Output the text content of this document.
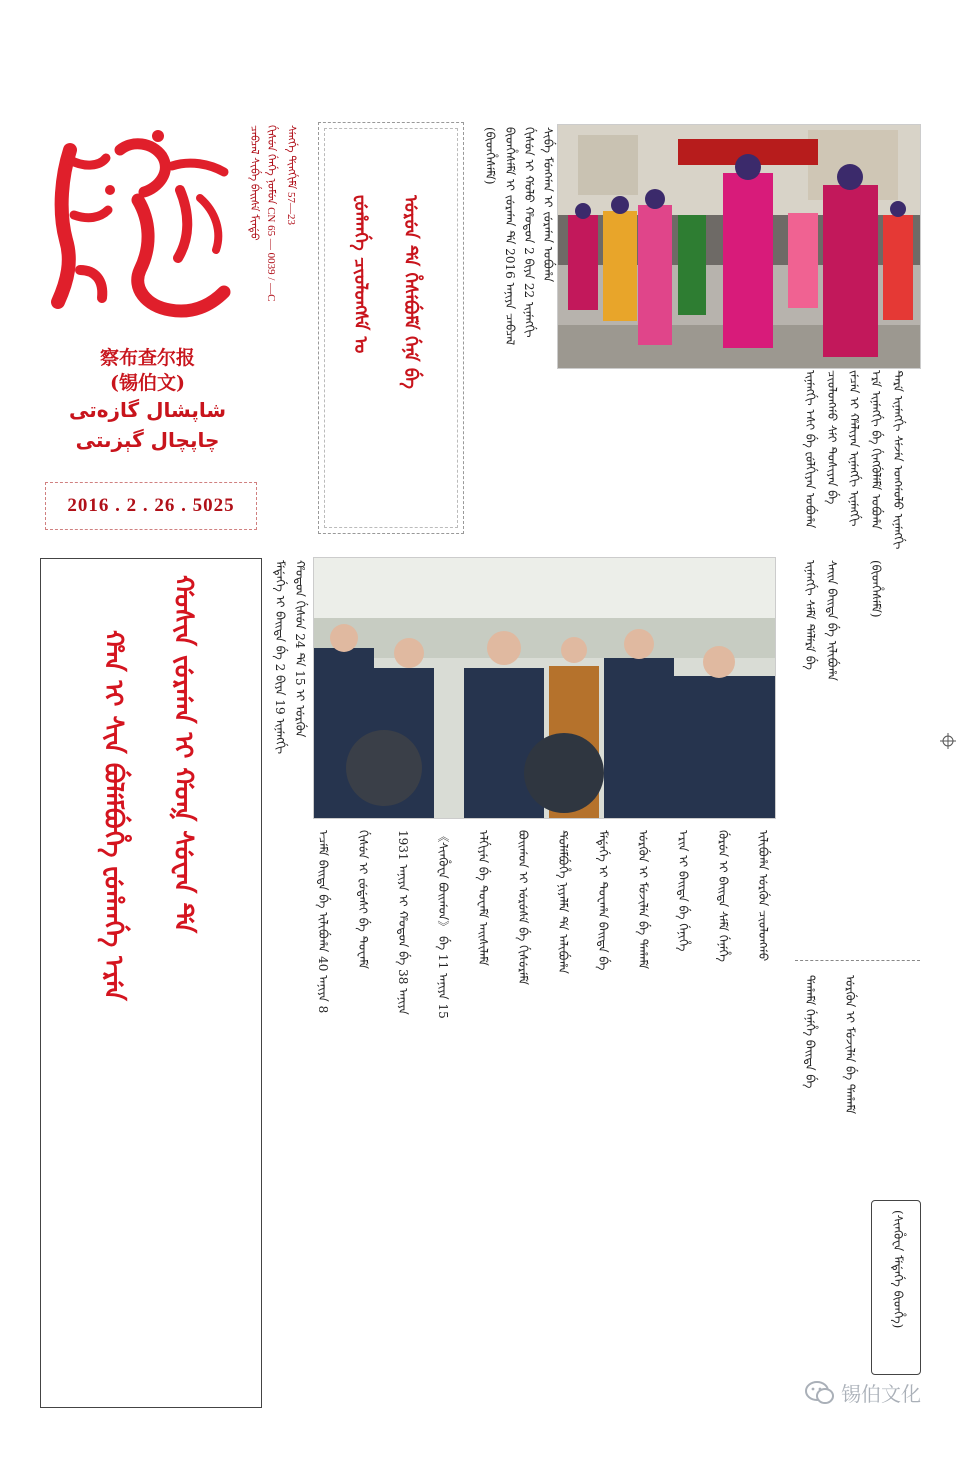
察布查尔报
(锡伯文)
شاپشال گازەتى
چاپچال گېزىتى
2016 . 2 . 26 . 5025
ᠴᠠᠪᠴᠠᠯ ᠰᡳᠪᡝ ᠪᡝᡳᠰᡝ ᠮᡳᠨᡩᡠ ᡤᡳᠰᡠᠨ ᡤᡝᠨᡤᡝ ᠨᠣᠮᡠᠨ CN 65 — 0039 / —C ᠰᡝᠩᡤᡝ ᡩᡳᠩᡤᡳᠮᡝ 57—23
ᡶᡠᡥᠠᠨᡤᡝ ᠴᡳᠣᠯᠣᠩᠰᡝ ᠣ ᡠᡵᡠᠨ ᡩᡝ ᡥᡝᠰᡝᠪᡠᠮᡝ ᡤᡝᠨᡝ ᠪᡝ
(ᠪᡳᡨᡥᡝᠰᡝᠮᡝ) ᠪᡳᡨᡥᡝᠰᡝᠮᡝ ᡳ ᠵᡠᡵᡤᠠᠨ ᡩᡝ 2016 ᠠᠨᡳᠶᠠ ᠴᠠᠪᠴᠠᠯ ᡤᡳᠰᡠᠨ ᡳ ᡤᠣᠯᠣ ᡥᠣᡨᠣᠨ 2 ᠪᡳᠶᠠ 22 ᡳᠨᡝᠩᡤᡳ ᠰᡳᠪᡝ ᠮᡠᠩᡤᠠᠨ ᡳ ᠵᡠᡵᡤᠠᠨ ᠣᠪᡠᡥᠠ
ᡳᠨᡝᠩᡤᡳ ᡝᠰᡳ ᠪᡝ ᡶᡠᠯᡤᡳᠶᠠᠨ ᠣᠪᡠᡥᠠ ᠴᡳᠣᠯᠣᠩᡤᠣ ᠰᡝᡳ ᡨᡠᠰᡳᠶᠠᠨ ᠪᡝ ᠵᡝᠴᡝᠨ ᡳ ᡥᠠᠯᡳᠶᠠᠨ ᡳᠨᡝᠩᡤᡳ ᡳᠨᡝᠩᡤᡳ ᡝᡵᡝ ᡳᠨᡝᠩᡤᡳ ᠪᡝ ᡤᡳᠩᡤᡠᠯᡝᠮᡝ ᠣᠪᡠᡥᠠ ᡨᡝᡵᡝ ᡳᠨᡝᠩᡤᡳ ᠰᡝᠵᡝᠨ ᠣᠩᡤᠣᠯᠣ ᡳᠨᡝᠩᡤᡳ
ᡳᠨᡝᠩᡤᡳ ᠰᡝᠮᡝ ᡩᡝᠯᡝᡵᡝ ᠪᡝ ᠰᠠᡳᠨ ᠪᠠᡳᡨᠠ ᠪᡝ ᡳᠯᡳᠪᡠᡥᠠ	(ᠪᡳᡨᡥᡝᠰᡝᠮᡝ)
ᠮᡝᡩᡝᡤᡝ ᡳ ᠪᠠᡳᡨᠠ ᠪᡝ 2 ᠪᡳᠶᠠ 19 ᡳᠨᡝᠩᡤᡳ ᡥᠣᡨᠣᠨ ᡤᡳᠰᡠᠨ 24 ᡩᡝ 15 ᡳ ᡠᡵᡤᡠᠨ
ᡝᠴᡝᠮᡝ ᠪᠠᡳᡨᠠ ᠪᡝ ᡳᠯᡳᠪᡠᡥᠠ 40 ᠠᠨᡳᠶᠠ 8	ᡤᡳᠰᡠᠨ ᡳ ᡶᡠᡩᠠᠰᡳ ᠪᡝ ᡨᡠᠸᠠᠮᡝ	1931 ᠠᠨᡳᠶᠠ ᡳ ᡥᠣᡨᠣᠨ ᠪᡝ 38 ᠠᠨᡳᠶᠠ	《ᠰᡳᠨᡥᡠᠸᠠ ᠪᠣᡳᡤᠣᠨ》 ᠪᡝ 11 ᠠᠨᡳᠶᠠ 15	ᡝᠯᡤᡳᠶᡝᠨ ᠪᡝ ᡨᡠᠸᠠᠮᡝ ᠠᡳᠰᡳᠯᠠᠮᡝ	ᠪᠣᡳᡤᠣᠨ ᡳ ᡠᡵᡠᠰᡝ ᠪᡝ ᡤᡳᠰᡠᡵᡝᠮᡝ	ᡩᡠᠯᡝᠮᠪᡠᡥᡝ ᠨᡳᠶᠠᠯᠮᠠ ᡩᡝ ᠠᠯᡳᠪᡠᡥᠠ	ᠮᡝᡩᡝᡤᡝ ᡳ ᡨᡠᠸᠠᡥᠠ ᠪᠠᡳᡨᠠ ᠪᡝ	ᡠᡵᡤᡠᠨ ᡳ ᠮᡠᠵᡳᠯᡝᠨ ᠪᡝ ᡩᠠᡥᠠᠮᡝ	ᡝᡵᡳᠨ ᡳ ᠪᠠᡳᡨᠠ ᠪᡝ ᡤᡝᠨᡳᡥᡝ	ᡤᡠᡵᡠᠨ ᡳ ᠪᠠᡳᡨᠠ ᠰᡝᠮᡝ ᡤᡝᠨᡝᡥᡝ	ᡳᠯᡳᠪᡠᡥᠠ ᡠᡵᡤᡠᠨ ᠴᡳᠣᠯᠣᠩᡤᠣ
ᡩᠠᡥᠠᠮᡝ ᡤᡝᠨᡝᡥᡝ ᠪᠠᡳᡨᠠ ᠪᡝ	ᡠᡵᡤᡠᠨ ᡳ ᠮᡠᠵᡳᠯᡝᠨ ᠪᡝ ᡩᠠᡥᠠᠮᡝ
ᡥᠠᠨ ᡳ ᠰᡳᠨ ᠪᡠᠯᡝᠮᠪᡠᡥᡝ ᡶᡠᡥᠠᠨᡤᡝ ᡝᡵᡝᠨ	ᡤᠣᠰᡳᠨ ᠵᡠᡵᡤᠠᠨ ᡳ ᡤᠣᡴ ᠰᡠᠸᠠᠨ ᡩᡝ
(ᠰᡳᠨᡥᡠᠸᠠ ᠮᡝᡩᡝᡤᡝ ᠪᡳᡨᡥᡝ)
锡伯文化
